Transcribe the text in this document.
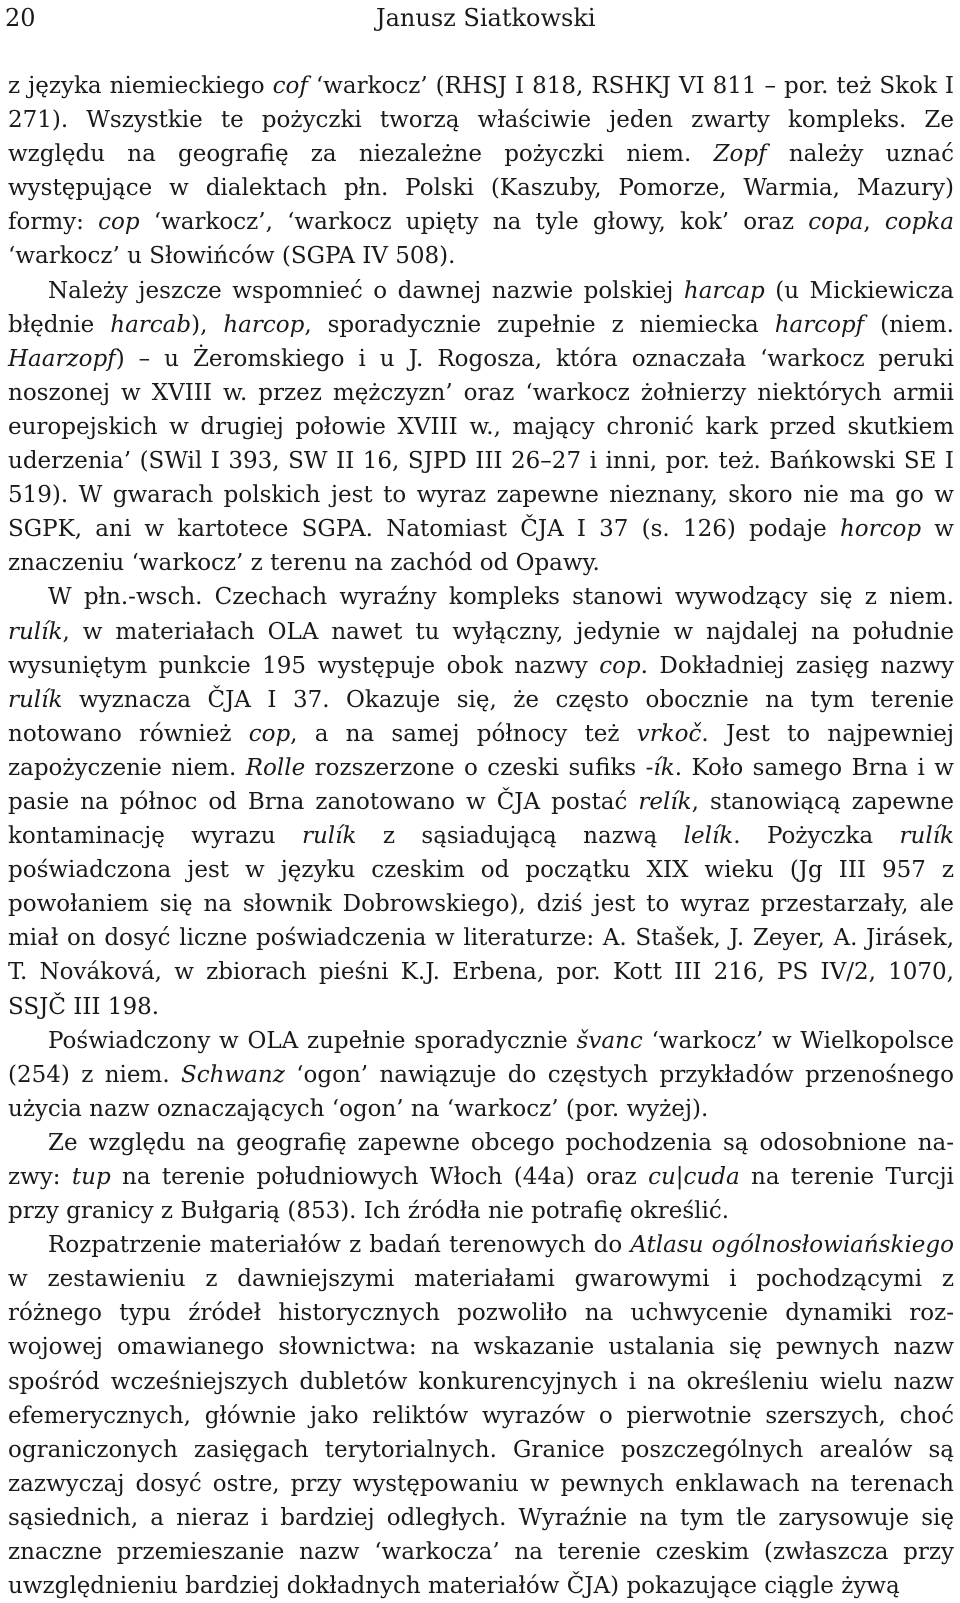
20	Janusz Siatkowski

z języka niemieckiego cof ‘warkocz’ (RHSJ I 818, RSHKJ VI 811 – por. też Skok I 271). Wszystkie te pożyczki tworzą właściwie jeden zwarty kompleks. Ze względu na geografię za niezależne pożyczki niem. Zopf należy uznać występujące w dialektach płn. Polski (Kaszuby, Pomorze, Warmia, Mazury) formy: cop ‘warkocz’, ‘warkocz upięty na tyle głowy, kok’ oraz copa, copka ‘warkocz’ u Słowińców (SGPA IV 508).

Należy jeszcze wspomnieć o dawnej nazwie polskiej harcap (u Mickiewicza błędnie harcab), harcop, sporadycznie zupełnie z niemiecka harcopf (niem. Haarzopf) – u Żeromskiego i u J. Rogosza, która oznaczała ‘warkocz peruki noszonej w XVIII w. przez mężczyzn’ oraz ‘warkocz żołnierzy niektórych armii europejskich w drugiej połowie XVIII w., mający chronić kark przed skutkiem uderzenia’ (SWil I 393, SW II 16, SJPD III 26–27 i inni, por. też. Bańkowski SE I 519). W gwarach polskich jest to wyraz zapewne nieznany, skoro nie ma go w SGPK, ani w kartotece SGPA. Natomiast ČJA I 37 (s. 126) podaje horcop w znaczeniu ‘warkocz’ z terenu na zachód od Opawy.

W płn.-wsch. Czechach wyraźny kompleks stanowi wywodzący się z niem. rulík, w materiałach OLA nawet tu wyłączny, jedynie w najdalej na południe wysuniętym punkcie 195 występuje obok nazwy cop. Dokładniej zasięg nazwy rulík wyznacza ČJA I 37. Okazuje się, że często obocznie na tym terenie notowano również cop, a na samej północy też vrkoč. Jest to najpewniej zapożyczenie niem. Rolle rozszerzone o czeski sufiks -ík. Koło samego Brna i w pasie na północ od Brna zanotowano w ČJA postać relík, stanowiącą zapewne kontaminację wyrazu rulík z sąsiadującą nazwą lelík. Pożyczka rulík poświadczona jest w języku czeskim od początku XIX wieku (Jg III 957 z powołaniem się na słownik Dobrowskiego), dziś jest to wyraz przestarzały, ale miał on dosyć liczne poświadczenia w literaturze: A. Stašek, J. Zeyer, A. Jirásek, T. Nováková, w zbiorach pieśni K.J. Erbena, por. Kott III 216, PS IV/2, 1070, SSJČ III 198.

Poświadczony w OLA zupełnie sporadycznie švanc ‘warkocz’ w Wielkopolsce (254) z niem. Schwanz ‘ogon’ nawiązuje do częstych przykładów przenośnego użycia nazw oznaczających ‘ogon’ na ‘warkocz’ (por. wyżej).

Ze względu na geografię zapewne obcego pochodzenia są odosobnione nazwy: tup na terenie południowych Włoch (44a) oraz cu|cuda na terenie Turcji przy granicy z Bułgarią (853). Ich źródła nie potrafię określić.

Rozpatrzenie materiałów z badań terenowych do Atlasu ogólnosłowiańskiego w zestawieniu z dawniejszymi materiałami gwarowymi i pochodzącymi z różnego typu źródeł historycznych pozwoliło na uchwycenie dynamiki rozwojowej omawianego słownictwa: na wskazanie ustalania się pewnych nazw spośród wcześniejszych dubletów konkurencyjnych i na określeniu wielu nazw efemerycznych, głównie jako reliktów wyrazów o pierwotnie szerszych, choć ograniczonych zasięgach terytorialnych. Granice poszczególnych arealów są zazwyczaj dosyć ostre, przy występowaniu w pewnych enklawach na terenach sąsiednich, a nieraz i bardziej odległych. Wyraźnie na tym tle zarysowuje się znaczne przemieszanie nazw ‘warkocza’ na terenie czeskim (zwłaszcza przy uwzględnieniu bardziej dokładnych materiałów ČJA) pokazujące ciągle żywą
